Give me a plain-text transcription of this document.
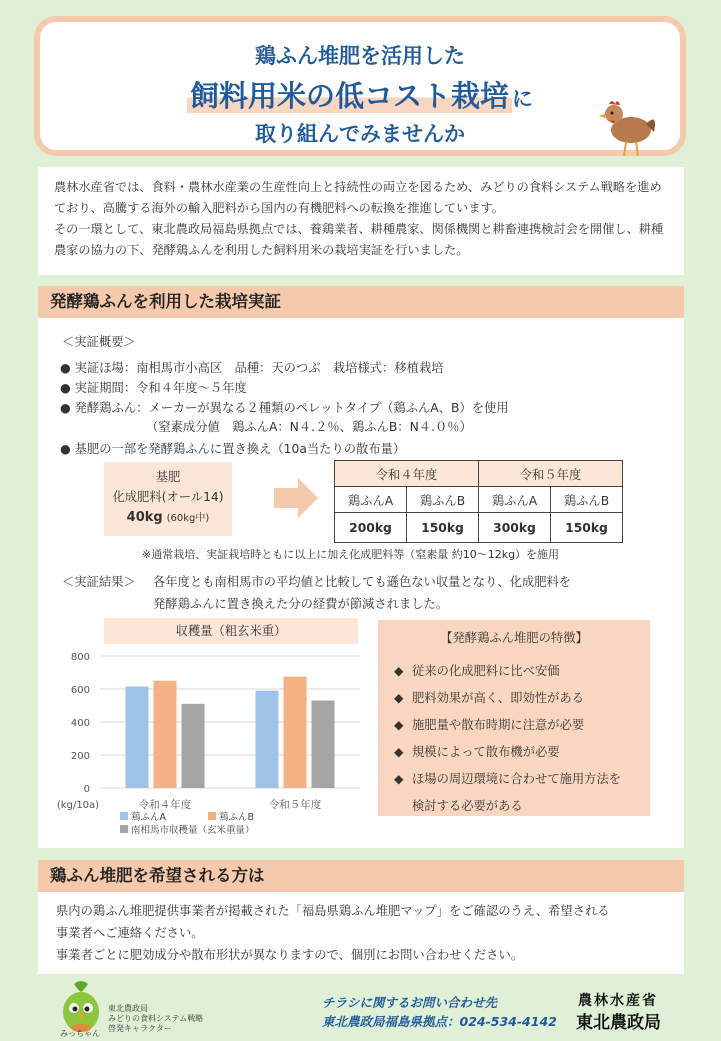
鶏ふん堆肥を活用した
飼料用米の低コスト栽培 に
取り組んでみませんか

農林水産省では、食料・農林水産業の生産性向上と持続性の両立を図るため、みどりの食料システム戦略を進めており、高騰する海外の輸入肥料から国内の有機肥料への転換を推進しています。

その一環として、東北農政局福島県拠点では、養鶏業者、耕種農家、関係機関と耕畜連携検討会を開催し、耕種農家の協力の下、発酵鶏ふんを利用した飼料用米の栽培実証を行いました。

発酵鶏ふんを利用した栽培実証
＜実証概要＞
● 実証ほ場：南相馬市小高区　品種：天のつぶ　栽培様式：移植栽培
● 実証期間：令和４年度～５年度
● 発酵鶏ふん：メーカーが異なる２種類のペレットタイプ（鶏ふんA、B）を使用
（窒素成分値　鶏ふんA：N４.２％、鶏ふんB：N４.０％）
● 基肥の一部を発酵鶏ふんに置き換え（10a当たりの散布量）
基肥
化成肥料(オール14)
40kg (60kg中)
令和４年度		令和５年度	
鶏ふんA	鶏ふんB	鶏ふんA	鶏ふんB
200kg	150kg	300kg	150kg
※通常栽培、実証栽培時ともに以上に加え化成肥料等（窒素量 約10～12kg）を施用
＜実証結果＞ 各年度とも南相馬市の平均値と比較しても遜色ない収量となり、化成肥料を
発酵鶏ふんに置き換えた分の経費が節減されました。
収穫量（粗玄米重）
800
600
400
200
0
(kg/10a)	令和４年度	令和５年度
鶏ふんA	鶏ふんB
南相馬市収穫量（玄米重量）
【発酵鶏ふん堆肥の特徴】
◆ 従来の化成肥料に比べ安価
◆ 肥料効果が高く、即効性がある
◆ 施肥量や散布時期に注意が必要
◆ 規模によって散布機が必要
◆ ほ場の周辺環境に合わせて施用方法を
検討する必要がある
鶏ふん堆肥を希望される方は
県内の鶏ふん堆肥提供事業者が掲載された「福島県鶏ふん堆肥マップ」をご確認のうえ、希望される
事業者へご連絡ください。
事業者ごとに肥効成分や散布形状が異なりますので、個別にお問い合わせください。
みっちゃん
東北農政局
みどりの食料システム戦略
啓発キャラクター
チラシに関するお問い合わせ先
東北農政局福島県拠点：024-534-4142
農林水産省
東北農政局
